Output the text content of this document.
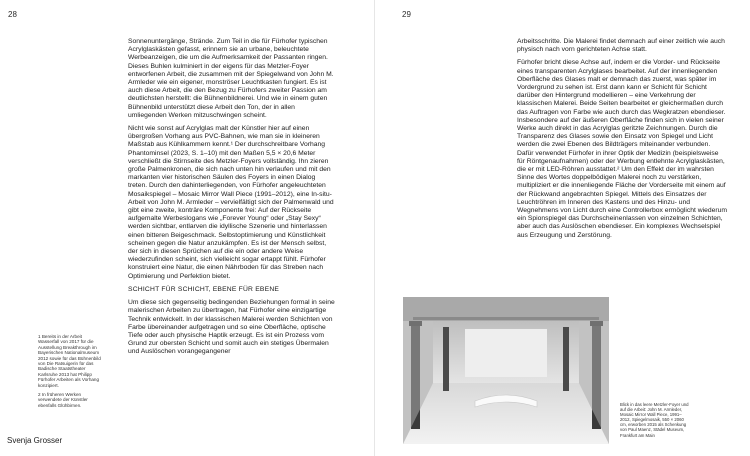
28

Sonnenuntergänge, Strände. Zum Teil in die für Fürhofer typischen Acrylglaskästen gefasst, erinnern sie an urbane, beleuchtete Werbeanzeigen, die um die Aufmerksamkeit der Passanten ringen. Dieses Buhlen kulminiert in der eigens für das Metzler-Foyer entworfenen Arbeit, die zusammen mit der Spiegelwand von John M. Armleder wie ein eigener, monströser Leuchtkasten fungiert. Es ist auch diese Arbeit, die den Bezug zu Fürhofers zweiter Passion am deutlichsten herstellt: die Bühnenbildnerei. Und wie in einem guten Bühnenbild unterstützt diese Arbeit den Ton, der in allen umliegenden Werken mitzuschwingen scheint.

Nicht wie sonst auf Acrylglas malt der Künstler hier auf einen übergroßen Vorhang aus PVC-Bahnen, wie man sie in kleineren Maßstab aus Kühlkammern kennt.¹ Der durchschreitbare Vorhang Phantominsel (2023, S. 1–10) mit den Maßen 5,5 × 20,6 Meter verschließt die Stirnseite des Metzler-Foyers vollständig. Ihn zieren große Palmenkronen, die sich nach unten hin verlaufen und mit den markanten vier historischen Säulen des Foyers in einen Dialog treten. Durch den dahinterliegenden, von Fürhofer angeleuchteten Mosaikspiegel – Mosaic Mirror Wall Piece (1991–2012), eine In-situ-Arbeit von John M. Armleder – vervielfältigt sich der Palmenwald und gibt eine zweite, konträre Komponente frei: Auf der Rückseite aufgemalte Werbeslogans wie „Forever Young“ oder „Stay Sexy“ werden sichtbar, entlarven die idyllische Szenerie und hinterlassen einen bitteren Beigeschmack. Selbstoptimierung und Künstlichkeit scheinen gegen die Natur anzukämpfen. Es ist der Mensch selbst, der sich in diesen Sprüchen auf die ein oder andere Weise wiederzufinden scheint, sich vielleicht sogar ertappt fühlt. Fürhofer konstruiert eine Natur, die einen Nährboden für das Streben nach Optimierung und Perfektion bietet.

SCHICHT FÜR SCHICHT, EBENE FÜR EBENE

Um diese sich gegenseitig bedingenden Beziehungen formal in seine malerischen Arbeiten zu übertragen, hat Fürhofer eine einzigartige Technik entwickelt. In der klassischen Malerei werden Schichten von Farbe übereinander aufgetragen und so eine Oberfläche, optische Tiefe oder auch physische Haptik erzeugt. Es ist ein Prozess vom Grund zur obersten Schicht und somit auch ein stetiges Übermalen und Auslöschen vorangegangener

1 Bereits in der Arbeit Wasserfall von 2017 für die Ausstellung Breakthrough im Bayerischen Nationalmuseum 2012 sowie für das Bühnenbild von Die Ratsuigerin für das Badische Staatstheater Karlsruhe 2013 hat Philipp Fürhofer Arbeiten als Vorhang konzipiert.

2 In früheren Werken verwendete der Künstler ebenfalls Glühbirnen.

Svenja Grosser
29

Arbeitsschritte. Die Malerei findet demnach auf einer zeitlich wie auch physisch nach vorn gerichteten Achse statt.

Fürhofer bricht diese Achse auf, indem er die Vorder- und Rückseite eines transparenten Acrylglases bearbeitet. Auf der innenliegenden Oberfläche des Glases malt er demnach das zuerst, was später im Vordergrund zu sehen ist. Erst dann kann er Schicht für Schicht darüber den Hintergrund modellieren – eine Verkehrung der klassischen Malerei. Beide Seiten bearbeitet er gleichermaßen durch das Auftragen von Farbe wie auch durch das Wegkratzen ebendieser. Insbesondere auf der äußeren Oberfläche finden sich in vielen seiner Werke auch direkt in das Acrylglas geritzte Zeichnungen. Durch die Transparenz des Glases sowie den Einsatz von Spiegel und Licht werden die zwei Ebenen des Bildträgers miteinander verbunden. Dafür verwendet Fürhofer in ihrer Optik der Medizin (beispielsweise für Röntgenaufnahmen) oder der Werbung entlehnte Acrylglaskästen, die er mit LED-Röhren ausstattet.² Um den Effekt der im wahrsten Sinne des Wortes doppelbödigen Malerei noch zu verstärken, multipliziert er die innenliegende Fläche der Vorderseite mit einem auf der Rückwand angebrachten Spiegel. Mittels des Einsatzes der Leuchtröhren im Inneren des Kastens und des Hinzu- und Wegnehmens von Licht durch eine Controllerbox ermöglicht wiederum ein Spionspiegel das Durchscheinenlassen von einzelnen Schichten, aber auch das Auslöschen ebendieser. Ein komplexes Wechselspiel aus Erzeugung und Zerstörung.

Blick in das leere Metzler-Foyer und auf die Arbeit: John M. Armleder, Mosaic Mirror Wall Piece, 1991–2012, Spiegelmosaik, 550 × 2060 cm, erworben 2015 als Schenkung von Paul Maenz, Städel Museum, Frankfurt am Main
